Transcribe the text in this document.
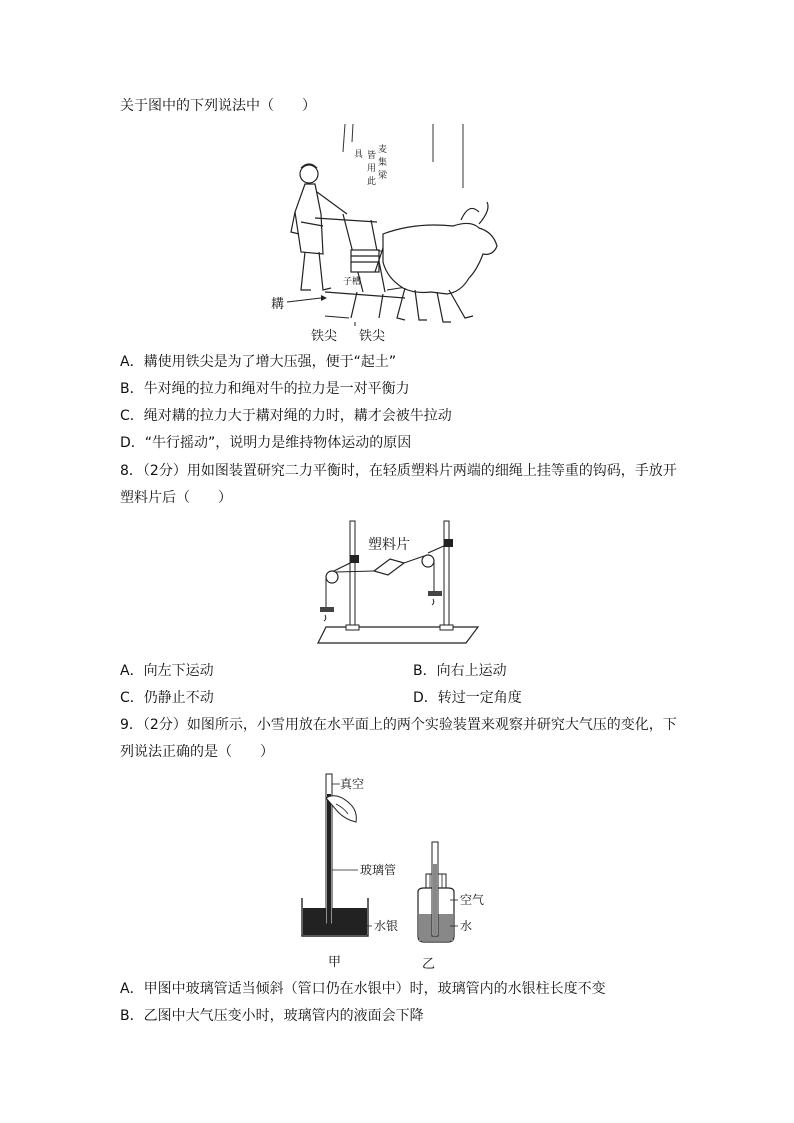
关于图中的下列说法中（　　）
麦
集
梁
皆
用
此
具
子槽
耩
铁尖 铁尖
A．耩使用铁尖是为了增大压强，便于“起土”
B．牛对绳的拉力和绳对牛的拉力是一对平衡力
C．绳对耩的拉力大于耩对绳的力时，耩才会被牛拉动
D．“牛行摇动”，说明力是维持物体运动的原因
8．（2分）用如图装置研究二力平衡时，在轻质塑料片两端的细绳上挂等重的钩码，手放开
塑料片后（　　）
塑料片
A．向左下运动	B．向右上运动
C．仍静止不动	D．转过一定角度
9．（2分）如图所示，小雪用放在水平面上的两个实验装置来观察并研究大气压的变化，下
列说法正确的是（　　）
真空
玻璃管
水银
甲
空气
水
乙
A．甲图中玻璃管适当倾斜（管口仍在水银中）时，玻璃管内的水银柱长度不变
B．乙图中大气压变小时，玻璃管内的液面会下降
